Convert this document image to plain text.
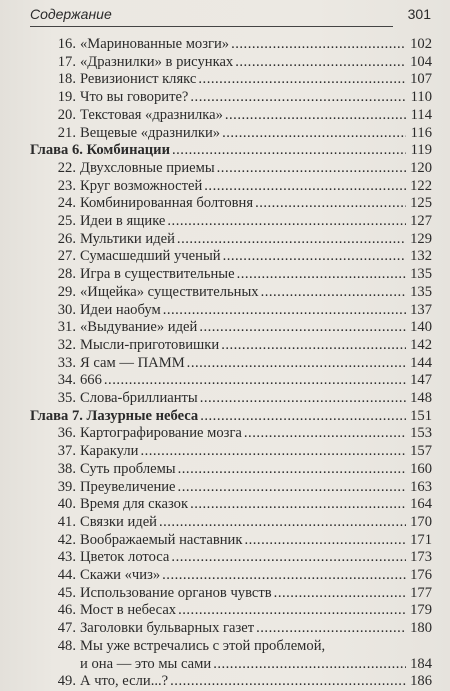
Содержание	301
16. «Маринованные мозги»	102
.....
17. «Дразнилки» в рисунках	104
.....
18. Ревизионист клякс	107
.....
19. Что вы говорите?	110
.....
20. Текстовая «дразнилка»	114
.....
21. Вещевые «дразнилки»	116
.....
Глава 6. Комбинации	119
.....
22. Двухсловные приемы	120
.....
23. Круг возможностей	122
.....
24. Комбинированная болтовня	125
.....
25. Идеи в ящике	127
.....
26. Мультики идей	129
.....
27. Сумасшедший ученый	132
.....
28. Игра в существительные	135
.....
29. «Ищейка» существительных	135
.....
30. Идеи наобум	137
.....
31. «Выдувание» идей	140
.....
32. Мысли-приготовишки	142
.....
33. Я сам — ПАММ	144
.....
34. 666	147
.....
35. Слова-бриллианты	148
.....
Глава 7. Лазурные небеса	151
.....
36. Картографирование мозга	153
.....
37. Каракули	157
.....
38. Суть проблемы	160
.....
39. Преувеличение	163
.....
40. Время для сказок	164
.....
41. Связки идей	170
.....
42. Воображаемый наставник	171
.....
43. Цветок лотоса	173
.....
44. Скажи «чиз»	176
.....
45. Использование органов чувств	177
.....
46. Мост в небесах	179
.....
47. Заголовки бульварных газет	180
.....
48. Мы уже встречались с этой проблемой,
и она — это мы сами	184
.....
49. А что, если...?	186
.....
